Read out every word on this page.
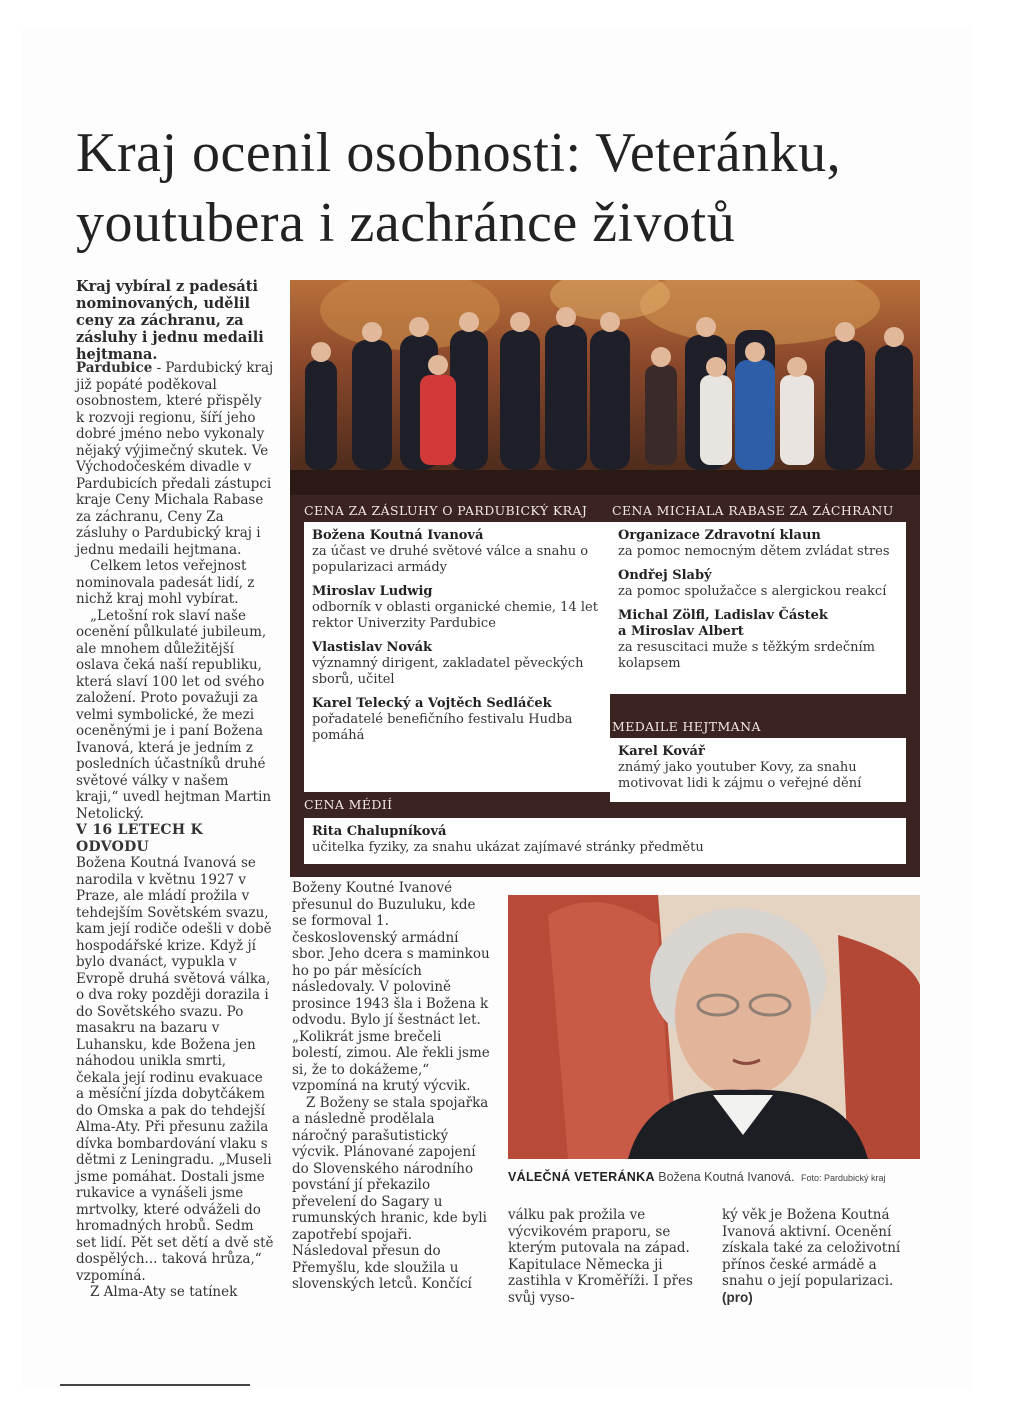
Kraj ocenil osobnosti: Veteránku,
youtubera i zachránce životů
Kraj vybíral z padesáti nominovaných, udělil ceny za záchranu, za zásluhy i jednu medaili hejtmana.

Pardubice - Pardubický kraj již popáté poděkoval osobnostem, které přispěly k rozvoji regionu, šíří jeho dobré jméno nebo vykonaly nějaký výjimečný skutek. Ve Východočeském divadle v Pardubicích předali zástupci kraje Ceny Michala Rabase za záchranu, Ceny Za zásluhy o Pardubický kraj i jednu medaili hejtmana.

Celkem letos veřejnost nominovala padesát lidí, z nichž kraj mohl vybírat.

„Letošní rok slaví naše ocenění půlkulaté jubileum, ale mnohem důležitější oslava čeká naší republiku, která slaví 100 let od svého založení. Proto považuji za velmi symbolické, že mezi oceněnými je i paní Božena Ivanová, která je jedním z posledních účastníků druhé světové války v našem kraji,“ uvedl hejtman Martin Netolický.

V 16 LETECH K ODVODU

Božena Koutná Ivanová se narodila v květnu 1927 v Praze, ale mládí prožila v tehdejším Sovětském svazu, kam její rodiče odešli v době hospodářské krize. Když jí bylo dvanáct, vypukla v Evropě druhá světová válka, o dva roky později dorazila i do Sovětského svazu. Po masakru na bazaru v Luhansku, kde Božena jen náhodou unikla smrti, čekala její rodinu evakuace a měsíční jízda dobytčákem do Omska a pak do tehdejší Alma-Aty. Při přesunu zažila dívka bombardování vlaku s dětmi z Leningradu. „Museli jsme pomáhat. Dostali jsme rukavice a vynášeli jsme mrtvolky, které odváželi do hromadných hrobů. Sedm set lidí. Pět set dětí a dvě stě dospělých... taková hrůza,“ vzpomíná.

Z Alma-Aty se tatínek

CENA ZA ZÁSLUHY O PARDUBICKÝ KRAJ
Božena Koutná Ivanová
za účast ve druhé světové válce a snahu o popularizaci armády
Miroslav Ludwig
odborník v oblasti organické chemie, 14 let rektor Univerzity Pardubice
Vlastislav Novák
významný dirigent, zakladatel pěveckých sborů, učitel
Karel Telecký a Vojtěch Sedláček
pořadatelé benefičního festivalu Hudba pomáhá
CENA MICHALA RABASE ZA ZÁCHRANU
Organizace Zdravotní klaun
za pomoc nemocným dětem zvládat stres
Ondřej Slabý
za pomoc spolužačce s alergickou reakcí
Michal Zölfl, Ladislav Částek
a Miroslav Albert
za resuscitaci muže s těžkým srdečním kolapsem
MEDAILE HEJTMANA
Karel Kovář
známý jako youtuber Kovy, za snahu motivovat lidi k zájmu o veřejné dění
CENA MÉDIÍ
Rita Chalupníková
učitelka fyziky, za snahu ukázat zajímavé stránky předmětu

Boženy Koutné Ivanové přesunul do Buzuluku, kde se formoval 1. československý armádní sbor. Jeho dcera s maminkou ho po pár měsících následovaly. V polovině prosince 1943 šla i Božena k odvodu. Bylo jí šestnáct let. „Kolikrát jsme brečeli bolestí, zimou. Ale řekli jsme si, že to dokážeme,“ vzpomíná na krutý výcvik.

Z Boženy se stala spojařka a následně prodělala náročný parašutistický výcvik. Plánované zapojení do Slovenského národního povstání jí překazilo převelení do Sagary u rumunských hranic, kde byli zapotřebí spojaři. Následoval přesun do Přemyšlu, kde sloužila u slovenských letců. Končící

VÁLEČNÁ VETERÁNKA Božena Koutná Ivanová. Foto: Pardubický kraj

válku pak prožila ve výcvikovém praporu, se kterým putovala na západ. Kapitulace Německa ji zastihla v Kroměříži. I přes svůj vyso-

ký věk je Božena Koutná Ivanová aktivní. Ocenění získala také za celoživotní přínos české armádě a snahu o její popularizaci. (pro)
